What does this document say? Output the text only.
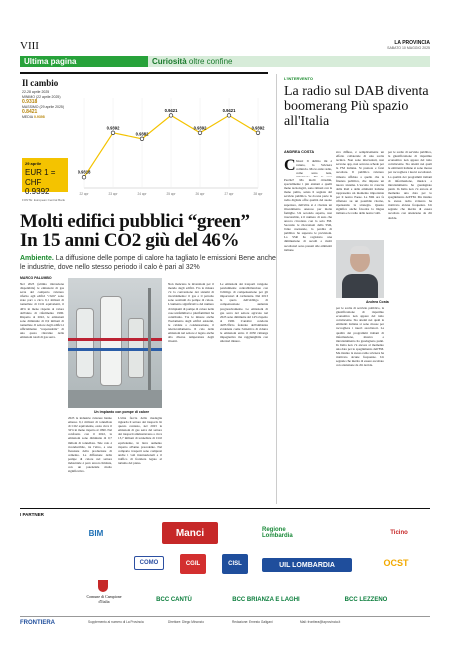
VIII	LA PROVINCIA
SABATO 10 MAGGIO 2025
Ultima pagina	Curiosità oltre confine
Il cambio
22-28 aprile 2025
MINIMO (22 aprile 2025)
0.9318
MASSIMO (29 aprile 2025)
0.8421
MEDIA 0.9398
29 aprile
EUR 1 =
CHF 0.9392
FONTE: European Central Bank
0.9318
22 apr
0.9392
23 apr
0.9382
24 apr
0.9421
25 apr
0.9392
26 apr
0.9421
27 apr
0.9392
28 apr
Molti edifici pubblici “green” In 15 anni CO2 giù del 46%
Ambiente. La diffusione delle pompe di calore ha tagliato le emissioni Bene anche le industrie, dove nello stesso periodo il calo è pari al 32%
MARCO PALUMBO
Nel 2023 (ultima rilevazione disponibile) le emissioni di gas serra del comparto svizzero riferito agli edifici "civili" sono state pari a circa 9,1 milioni di tonnellate di CO2 equivalenti, il 46% in meno rispetto al valore dell'anno di riferimento 1990. Rispetto al 2022, le emissioni sono diminuite di 0,9 milioni di tonnellate. Il settore degli edifici è ufficialmente "responsabile" di una quota rilevante delle emissioni totali di gas serra.
Un impianto con pompe di calore
2023 le industrie svizzere hanno emesso 9,1 milioni di tonnellate di CO2 equivalente, ossia circa il 32% in meno rispetto al 1990. Nel confronto con il 2022, le emissioni sono diminuite di 0,7 milioni di tonnellate. Tale calo è riconducibile, tra l'altro, a una flessione della produzione di cemento. La diffusione delle pompe di calore nel settore industriale è però ancora limitata, con un potenziale molto significativo.
L'altra faccia della medaglia riguarda il settore dei trasporti. In questo contesto, nel 2023 le emissioni di gas serra del settore dei trasporti ammontavano a circa 13,7 milioni di tonnellate di CO2 equivalente, in lieve aumento rispetto all'anno precedente. Nel comparto trasporti sono compresi anche i voli internazionali e il traffico di frontiera legato al turismo del pieno.
Non mancano le invenzioni per il mondo degli edifici. Fra le misure c'è la conversione dei sistemi di riscaldamento: il gas e il petrolio sono sostituiti da pompe di calore. L'aumento significativo del numero di impianti di pompe di calore nelle case unifamiliari e plurifamiliari ha contribuito. Tra le misure anche l'isolamento degli edifici esistenti, le caldaie a condensazione, il teleriscaldamento. Il calo delle emissioni nel settore è legato anche alla diversa temperatura degli inverni.
Le emissioni dei trasporti vengono parzialmente contrabbilanciate con l'obbligo di compensazione per gli importatori di carburante. Dal 2013 la quota dell'obbligo di compensazione aumenta progressivamente. Le emissioni di gas serra del settore agricolo nel 2023 sono diminuite del 14% rispetto al 1990. L'analisi condotta dall'Ufficio federale dell'ambiente evidenzia come l'obiettivo di ridurre le emissioni entro il 2030 rimanga impegnativo ma raggiungibile con ulteriori misure.
L'INTERVENTO
La radio sul DAB diventa boomerang Più spazio all'Italia
ANDREA COSTA
C hissa! Il dubbio mi è venuto, la Svizzera comincia. Ma le onde radio, come sono nate,
Perché? Ma molti cittadini, specialmente i più anziani e quelli meno tecnologici, sono rimasti con la mano pulita, senza il segnale del servizio pubblico. Se da una parte la radio digitale offre qualità del suono superiore, dall'altra si è rivelata un investimento oneroso per molte famiglie. Un secondo aspetto, non trascurabile, è il numero di auto che ancora circolano con la sola FM. Secondo le rilevazioni della SSR, l'ente nazionale, la perdita di pubblico ha superato le previsioni. La SSR ha registrato una diminuzione di ascolti e molti ascoltatori sono passati alle emittenti italiane.
Andrea Costa
stra diffusa, è semplicemente un effetto collaterale di una scelta tecnica. Non sono intervenuti, non servono app, non servono schede per la FM italiana. Si prenota e farsi ascoltare. Il pubblico svizzero rimasto affidato a quello che la finanza pubblica, che impone un nuovo sistema. L'ascolto in crescita della RAI e delle emittenti italiane rappresenta un momento importante per il nostro Paese. La SSR ora fa riflettere su un possibile ritorno, ripensando la strategia. Questo significa anche favorire la lingua italiana e le radio delle nostre valli.
per le scelte di servizio pubblico, la giustificazione di risparmio economico non appare del tutto convincente. Sia attenti nei quali le emittenti italiane si sono mosse per raccogliere i nuovi ascoltatori. La qualità dei programmi italiani di informazione, musica e intrattenimento ha guadagnato punti. In Italia non c'è ancora al momento una data per lo spegnimento dell'FM. Ma intanto la stessa radio svizzera ha riattivato alcune frequenze. Un segnale che merita di essere ascoltato con attenzione da chi decide.
per le scelte di servizio pubblico, la giustificazione di risparmio economico non appare del tutto convincente. Sia attenti nei quali le emittenti italiane si sono mosse per raccogliere i nuovi ascoltatori. La qualità dei programmi italiani di informazione, musica e intrattenimento ha guadagnato punti. In Italia non c'è ancora al momento una data per lo spegnimento dell'FM. Ma intanto la stessa radio svizzera ha riattivato alcune frequenze. Un segnale che merita di essere ascoltato con attenzione da chi decide.
I PARTNER
BIM	Manci	Regione Lombardia	Ticino
COMO	CGIL	CISL	UIL LOMBARDIA	OCST
Comune di Campione d'Italia	BCC CANTÙ	BCC BRIANZA E LAGHI	BCC LEZZENO
FRONTIERA	Supplemento al numero di La Provincia	Direttore: Diego Minonzio	Redazione: Ernesto Galigani	Mail: frontiera@laprovincia.it
